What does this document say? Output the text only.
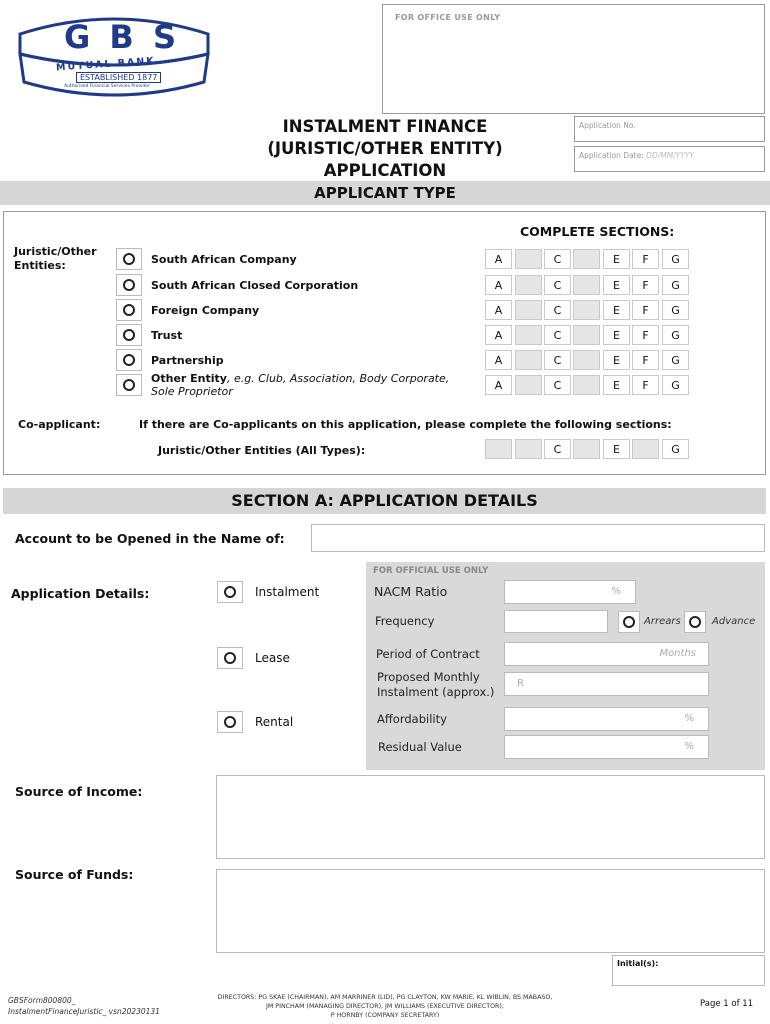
G B S
MUTUAL BANK
ESTABLISHED 1877
Authorised Financial Services Provider
FOR OFFICE USE ONLY
INSTALMENT FINANCE
(JURISTIC/OTHER ENTITY)
APPLICATION
Application No.
Application Date: DD/MM/YYYY
APPLICANT TYPE
COMPLETE SECTIONS:
Juristic/Other
Entities:	South African Company	A	C	E	F	G
South African Closed Corporation	A	C	E	F	G
Foreign Company	A	C	E	F	G
Trust	A	C	E	F	G
Partnership	A	C	E	F	G
Other Entity, e.g. Club, Association, Body Corporate,
Sole Proprietor	A	C	E	F	G
Co-applicant:	If there are Co-applicants on this application, please complete the following sections:
Juristic/Other Entities (All Types):	C	E	G
SECTION A: APPLICATION DETAILS
Account to be Opened in the Name of:
Application Details:	Instalment
Lease
Rental
FOR OFFICIAL USE ONLY
NACM Ratio	%
Frequency	Arrears	Advance
Period of Contract	Months
Proposed Monthly
Instalment (approx.)
R
Affordability	%
Residual Value	%
Source of Income:
Source of Funds:
Initial(s):
GBSForm800800_
InstalmentFinanceJuristic_ vsn20230131
DIRECTORS: PG SKAE (CHAIRMAN), AM MARRINER (LID), PG CLAYTON, KW MARIE, KL WIBLIN, BS MABASO,
JM PINCHAM (MANAGING DIRECTOR), JM WILLIAMS (EXECUTIVE DIRECTOR);
P HORNBY (COMPANY SECRETARY)
Page 1 of 11
